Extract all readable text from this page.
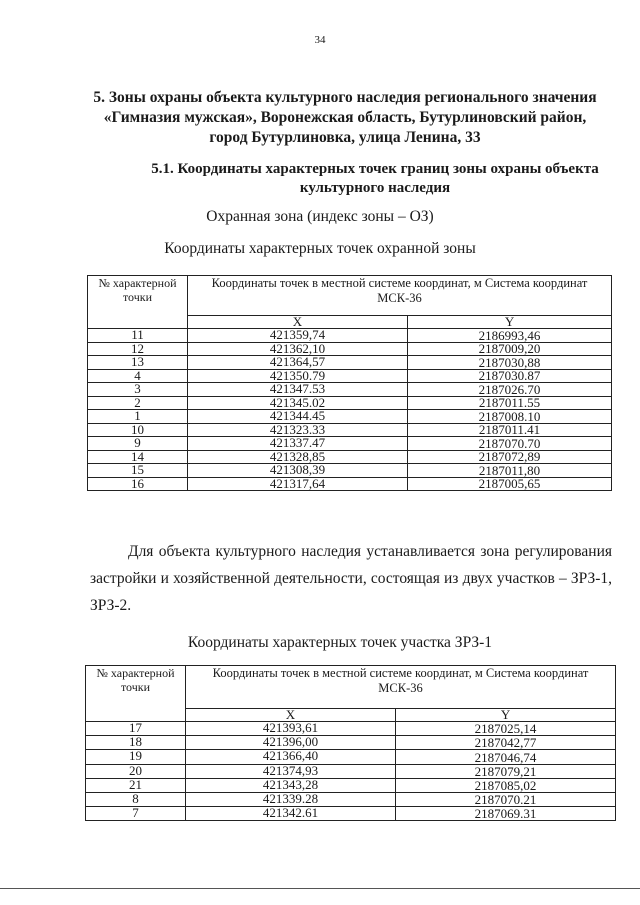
34
5. Зоны охраны объекта культурного наследия регионального значения «Гимназия мужская», Воронежская область, Бутурлиновский район, город Бутурлиновка, улица Ленина, 33
5.1. Координаты характерных точек границ зоны охраны объекта культурного наследия
Охранная зона (индекс зоны – ОЗ)
Координаты характерных точек охранной зоны
№ характерной точки	Координаты точек в местной системе координат, м Система координат МСК-36	
	X	Y
11	421359,74	2186993,46
12	421362,10	2187009,20
13	421364,57	2187030,88
4	421350.79	2187030.87
3	421347.53	2187026.70
2	421345.02	2187011.55
1	421344.45	2187008.10
10	421323.33	2187011.41
9	421337.47	2187070.70
14	421328,85	2187072,89
15	421308,39	2187011,80
16	421317,64	2187005,65
Для объекта культурного наследия устанавливается зона регулирования застройки и хозяйственной деятельности, состоящая из двух участков – ЗРЗ-1, ЗРЗ-2.
Координаты характерных точек участка ЗРЗ-1
№ характерной точки	Координаты точек в местной системе координат, м Система координат МСК-36	
	X	Y
17	421393,61	2187025,14
18	421396,00	2187042,77
19	421366,40	2187046,74
20	421374,93	2187079,21
21	421343,28	2187085,02
8	421339.28	2187070.21
7	421342.61	2187069.31
